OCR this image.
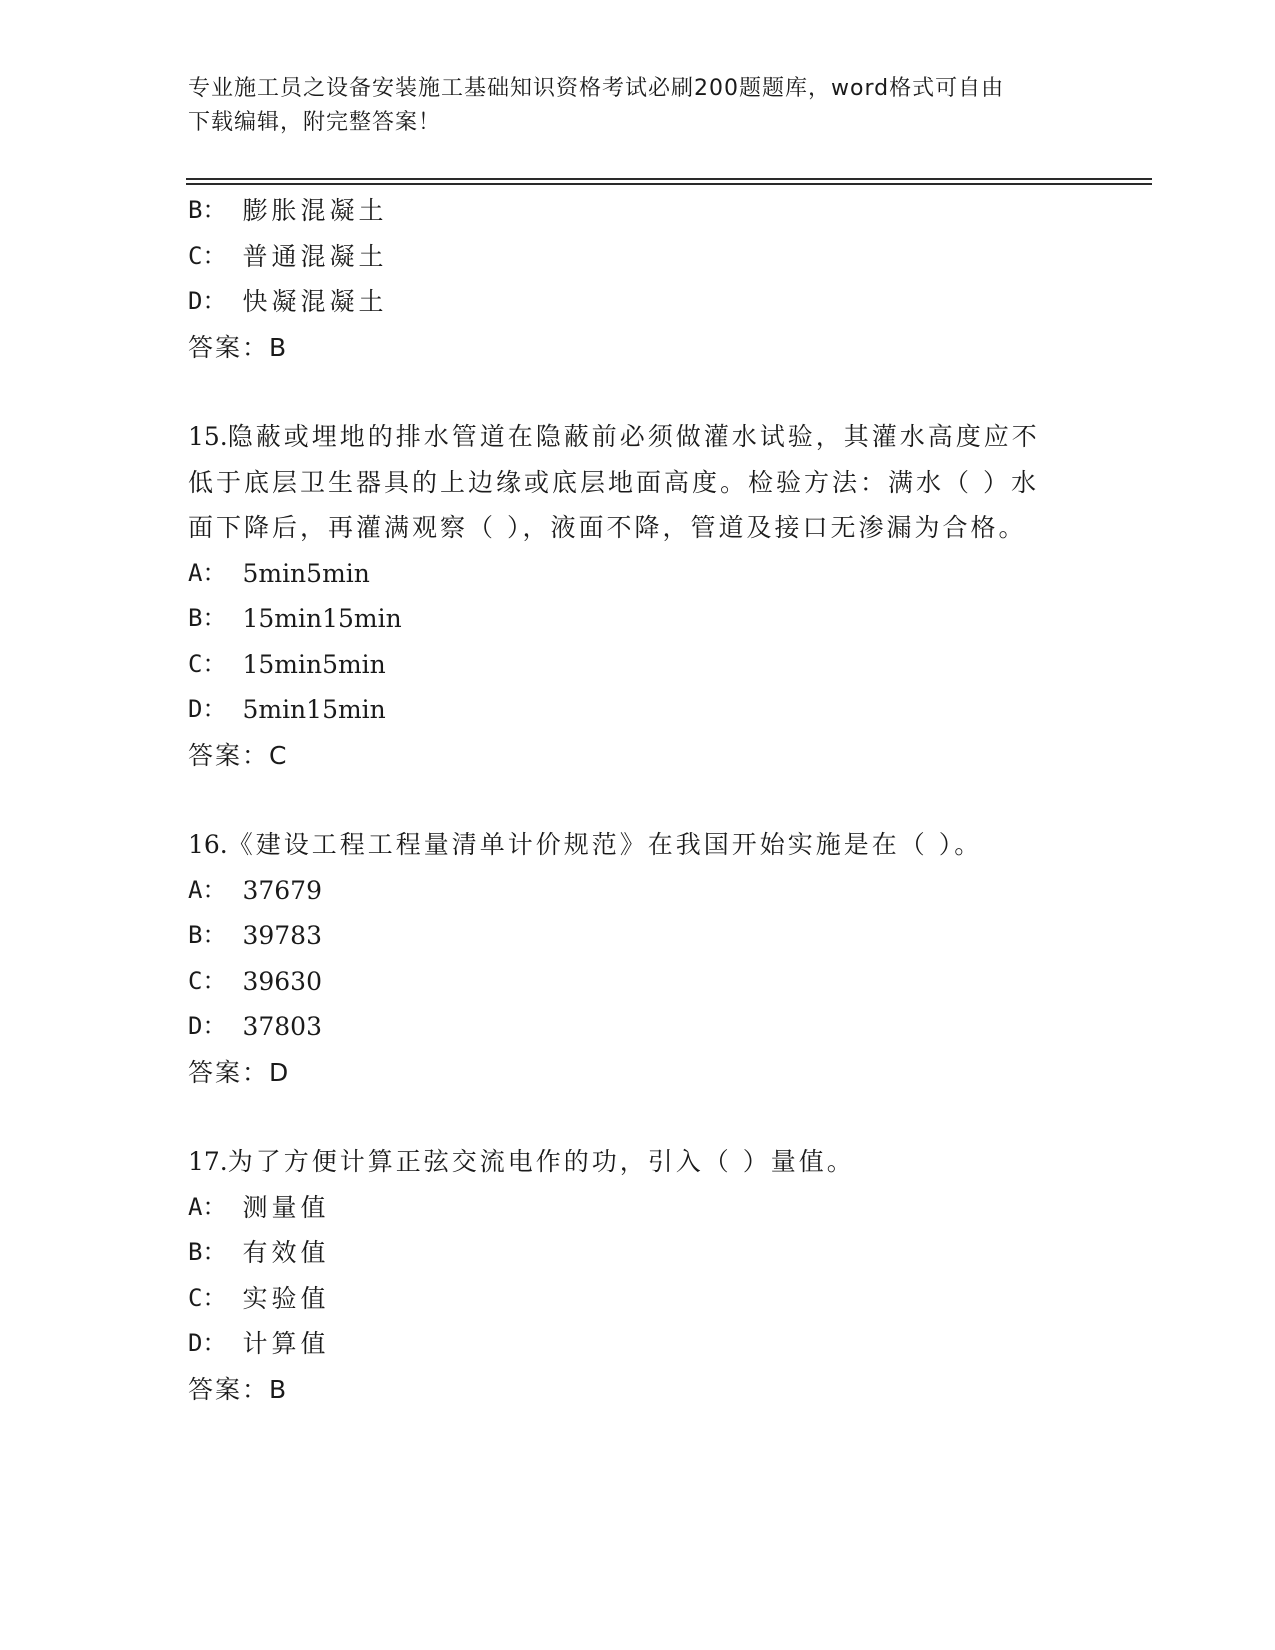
专业施工员之设备安装施工基础知识资格考试必刷200题题库，word格式可自由
下载编辑，附完整答案！
B ： 膨胀混凝土
C ： 普通混凝土
D ： 快凝混凝土
答案：B
15.隐蔽或埋地的排水管道在隐蔽前必须做灌水试验，其灌水高度应不
低于底层卫生器具的上边缘或底层地面高度。检验方法：满水（ ）水
面下降后，再灌满观察（ ），液面不降，管道及接口无渗漏为合格。
A ： 5min5min
B ： 15min15min
C ： 15min5min
D ： 5min15min
答案：C
16.《建设工程工程量清单计价规范》在我国开始实施是在（ ）。
A ： 37679
B ： 39783
C ： 39630
D ： 37803
答案：D
17.为了方便计算正弦交流电作的功，引入（ ）量值。
A ： 测量值
B ： 有效值
C ： 实验值
D ： 计算值
答案：B
